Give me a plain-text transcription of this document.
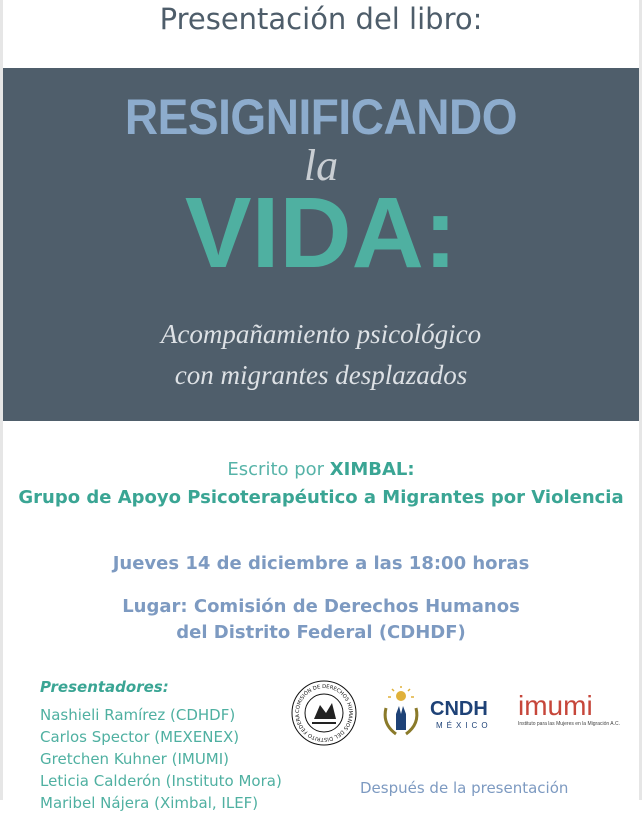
Presentación del libro:
RESIGNIFICANDO
la
VIDA:
Acompañamiento psicológico
con migrantes desplazados
Escrito por XIMBAL:
Grupo de Apoyo Psicoterapéutico a Migrantes por Violencia
Jueves 14 de diciembre a las 18:00 horas
Lugar: Comisión de Derechos Humanos
del Distrito Federal (CDHDF)
Presentadores:
Nashieli Ramírez (CDHDF)
Carlos Spector (MEXENEX)
Gretchen Kuhner (IMUMI)
Leticia Calderón (Instituto Mora)
Maribel Nájera (Ximbal, ILEF)
COMISIÓN DE DERECHOS HUMANOS DEL DISTRITO FEDERA	CNDH
MÉXICO
imumi
Instituto para las Mujeres en la Migración A.C.
Después de la presentación
